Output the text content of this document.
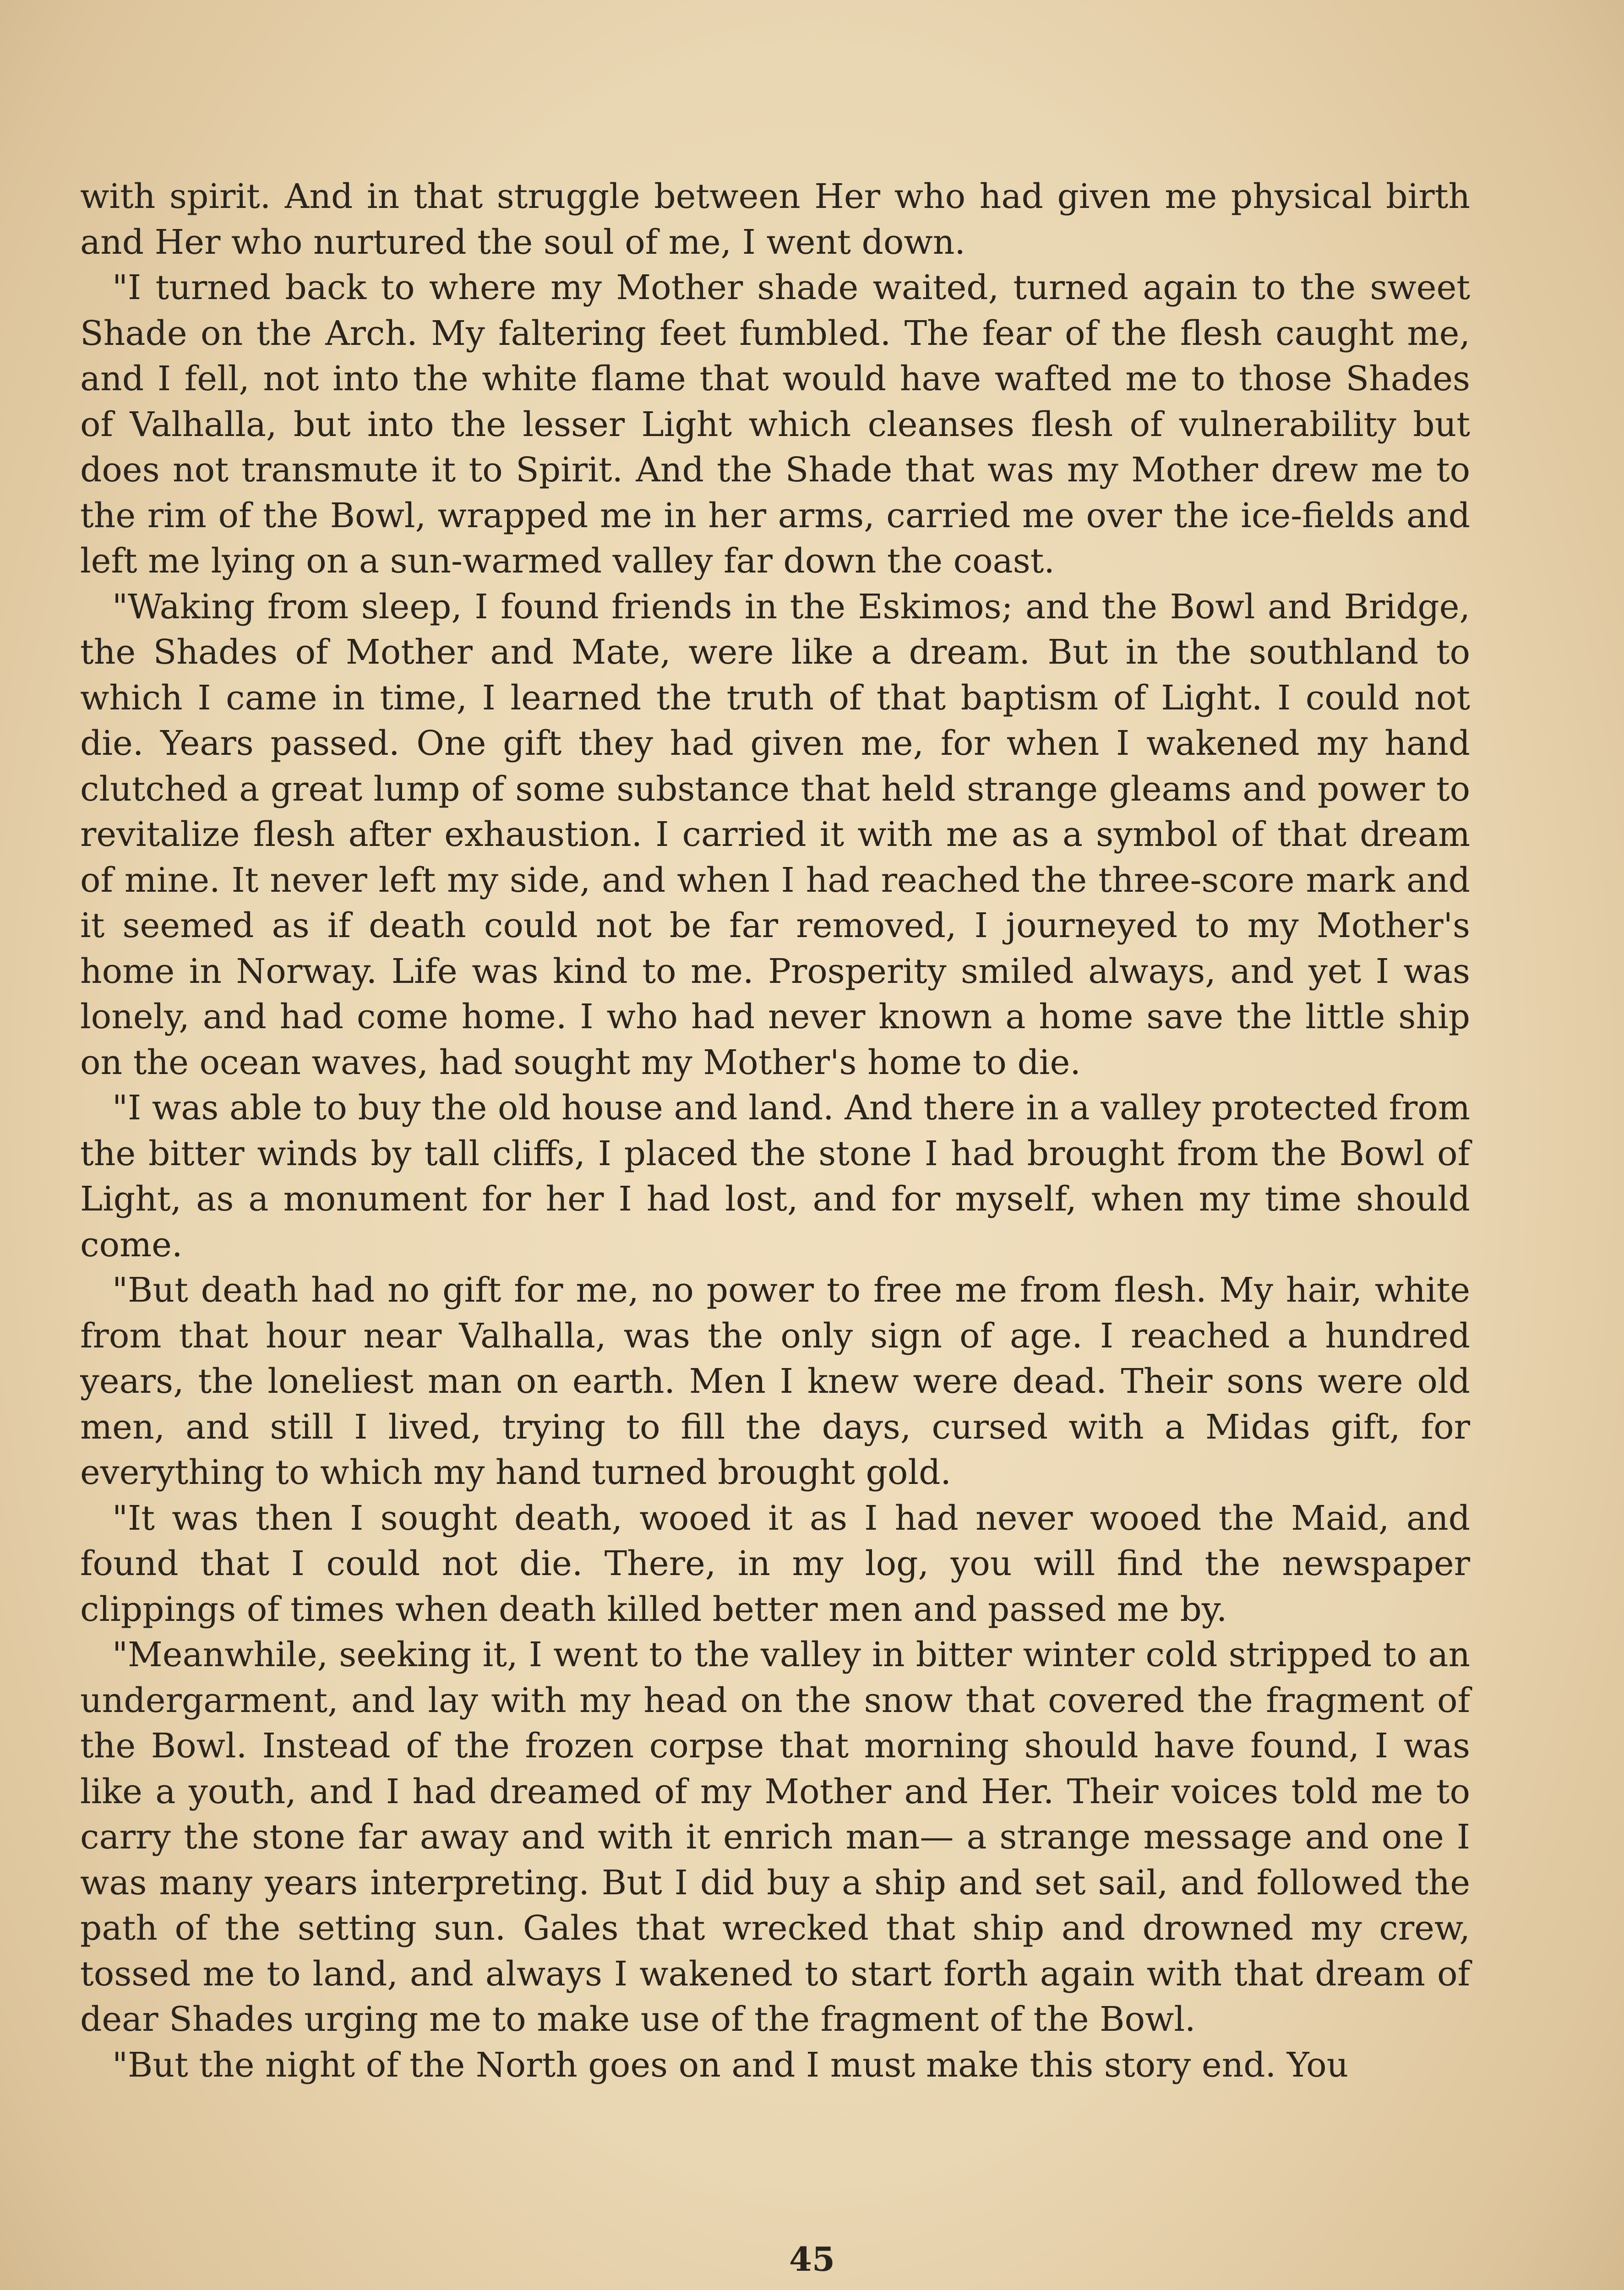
with spirit. And in that struggle between Her who had given me physical birth and Her who nurtured the soul of me, I went down.

"I turned back to where my Mother shade waited, turned again to the sweet Shade on the Arch. My faltering feet fumbled. The fear of the flesh caught me, and I fell, not into the white flame that would have wafted me to those Shades of Valhalla, but into the lesser Light which cleanses flesh of vulnerability but does not transmute it to Spirit. And the Shade that was my Mother drew me to the rim of the Bowl, wrapped me in her arms, carried me over the ice-fields and left me lying on a sun-warmed valley far down the coast.

"Waking from sleep, I found friends in the Eskimos; and the Bowl and Bridge, the Shades of Mother and Mate, were like a dream. But in the southland to which I came in time, I learned the truth of that baptism of Light. I could not die. Years passed. One gift they had given me, for when I wakened my hand clutched a great lump of some substance that held strange gleams and power to revitalize flesh after exhaustion. I carried it with me as a symbol of that dream of mine. It never left my side, and when I had reached the three-score mark and it seemed as if death could not be far removed, I journeyed to my Mother's home in Norway. Life was kind to me. Prosperity smiled always, and yet I was lonely, and had come home. I who had never known a home save the little ship on the ocean waves, had sought my Mother's home to die.

"I was able to buy the old house and land. And there in a valley protected from the bitter winds by tall cliffs, I placed the stone I had brought from the Bowl of Light, as a monument for her I had lost, and for myself, when my time should come.

"But death had no gift for me, no power to free me from flesh. My hair, white from that hour near Valhalla, was the only sign of age. I reached a hundred years, the loneliest man on earth. Men I knew were dead. Their sons were old men, and still I lived, trying to fill the days, cursed with a Midas gift, for everything to which my hand turned brought gold.

"It was then I sought death, wooed it as I had never wooed the Maid, and found that I could not die. There, in my log, you will find the newspaper clippings of times when death killed better men and passed me by.

"Meanwhile, seeking it, I went to the valley in bitter winter cold stripped to an undergarment, and lay with my head on the snow that covered the fragment of the Bowl. Instead of the frozen corpse that morning should have found, I was like a youth, and I had dreamed of my Mother and Her. Their voices told me to carry the stone far away and with it enrich man— a strange message and one I was many years interpreting. But I did buy a ship and set sail, and followed the path of the setting sun. Gales that wrecked that ship and drowned my crew, tossed me to land, and always I wakened to start forth again with that dream of dear Shades urging me to make use of the fragment of the Bowl.

"But the night of the North goes on and I must make this story end. You

45
